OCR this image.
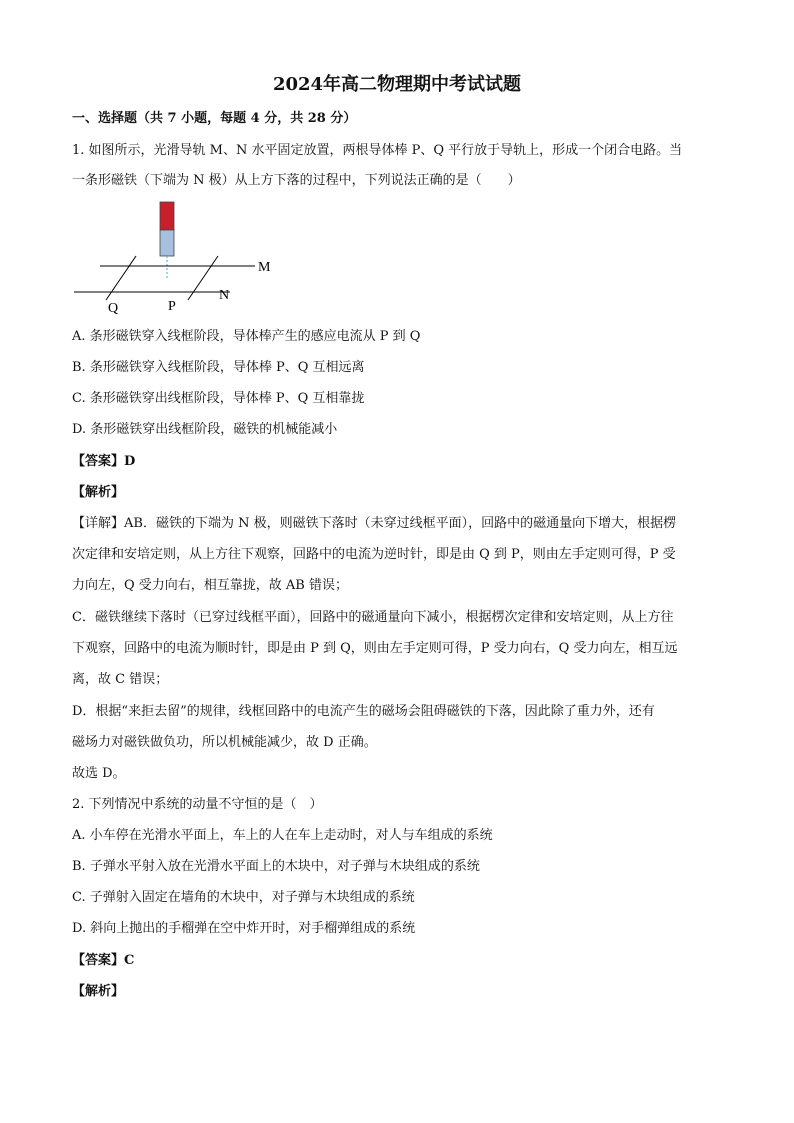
2024年高二物理期中考试试题
一、选择题（共 7 小题，每题 4 分，共 28 分）
1. 如图所示，光滑导轨 M、N 水平固定放置，两根导体棒 P、Q 平行放于导轨上，形成一个闭合电路。当
一条形磁铁（下端为 N 极）从上方下落的过程中，下列说法正确的是（　　）
M
N
Q	P
A. 条形磁铁穿入线框阶段，导体棒产生的感应电流从 P 到 Q
B. 条形磁铁穿入线框阶段，导体棒 P、Q 互相远离
C. 条形磁铁穿出线框阶段，导体棒 P、Q 互相靠拢
D. 条形磁铁穿出线框阶段，磁铁的机械能减小
【答案】D
【解析】
【详解】AB．磁铁的下端为 N 极，则磁铁下落时（未穿过线框平面），回路中的磁通量向下增大，根据楞
次定律和安培定则，从上方往下观察，回路中的电流为逆时针，即是由 Q 到 P，则由左手定则可得，P 受
力向左，Q 受力向右，相互靠拢，故 AB 错误；
C．磁铁继续下落时（已穿过线框平面），回路中的磁通量向下减小，根据楞次定律和安培定则，从上方往
下观察，回路中的电流为顺时针，即是由 P 到 Q，则由左手定则可得，P 受力向右，Q 受力向左，相互远
离，故 C 错误；
D．根据“来拒去留”的规律，线框回路中的电流产生的磁场会阻碍磁铁的下落，因此除了重力外，还有
磁场力对磁铁做负功，所以机械能减少，故 D 正确。
故选 D。
2. 下列情况中系统的动量不守恒的是（　）
A. 小车停在光滑水平面上，车上的人在车上走动时，对人与车组成的系统
B. 子弹水平射入放在光滑水平面上的木块中，对子弹与木块组成的系统
C. 子弹射入固定在墙角的木块中，对子弹与木块组成的系统
D. 斜向上抛出的手榴弹在空中炸开时，对手榴弹组成的系统
【答案】C
【解析】
